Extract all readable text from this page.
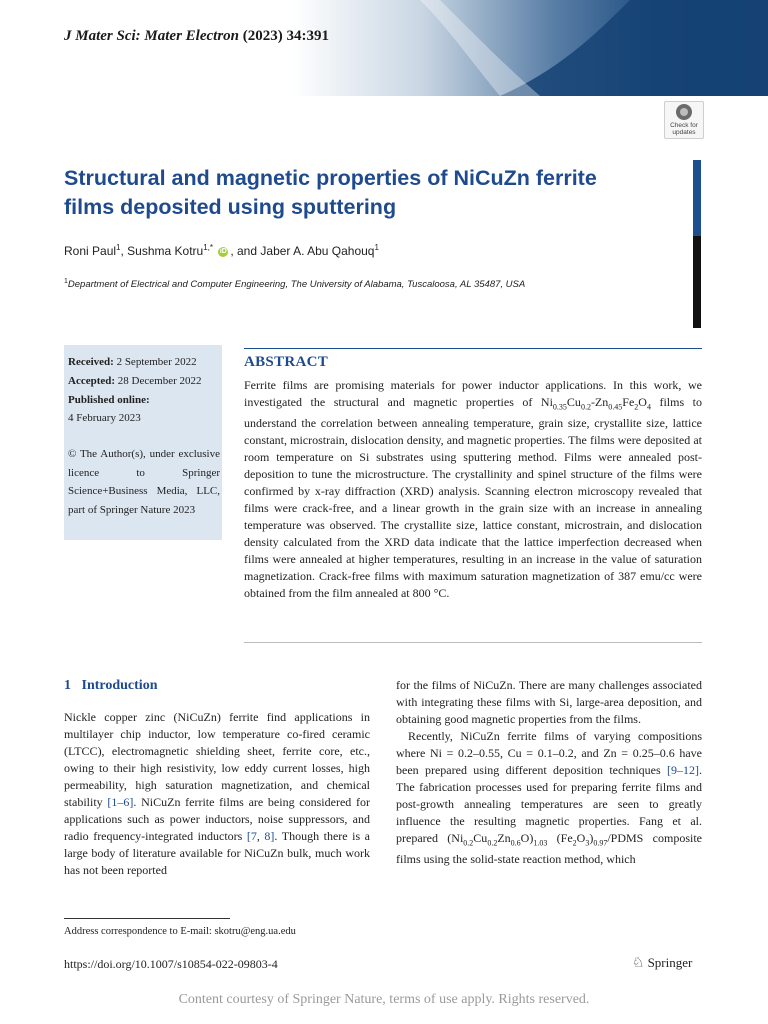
J Mater Sci: Mater Electron (2023) 34:391
Check for
updates
Structural and magnetic properties of NiCuZn ferrite
films deposited using sputtering
Roni Paul$^1$, Sushma Kotru$^{1,*}$ iD , and Jaber A. Abu Qahouq$^1$
$^1$Department of Electrical and Computer Engineering, The University of Alabama, Tuscaloosa, AL 35487, USA
Received: 2 September 2022
Accepted: 28 December 2022
Published online:
4 February 2023
© The Author(s), under exclusive licence to Springer Science+Business Media, LLC, part of Springer Nature 2023
ABSTRACT
Ferrite films are promising materials for power inductor applications. In this work, we investigated the structural and magnetic properties of $Ni_{0.35}Cu_{0.2}-Zn_{0.45}Fe_2O_4$ films to understand the correlation between annealing temperature, grain size, crystallite size, lattice constant, microstrain, dislocation density, and magnetic properties. The films were deposited at room temperature on Si substrates using sputtering method. Films were annealed post-deposition to tune the microstructure. The crystallinity and spinel structure of the films were confirmed by x-ray diffraction (XRD) analysis. Scanning electron microscopy revealed that films were crack-free, and a linear growth in the grain size with an increase in annealing temperature was observed. The crystallite size, lattice constant, microstrain, and dislocation density calculated from the XRD data indicate that the lattice imperfection decreased when films were annealed at higher temperatures, resulting in an increase in the value of saturation magnetization. Crack-free films with maximum saturation magnetization of 387 emu/cc were obtained from the film annealed at 800 °C.
1 Introduction
Nickle copper zinc (NiCuZn) ferrite find applications in multilayer chip inductor, low temperature co-fired ceramic (LTCC), electromagnetic shielding sheet, ferrite core, etc., owing to their high resistivity, low eddy current losses, high permeability, high saturation magnetization, and chemical stability [1–6]. NiCuZn ferrite films are being considered for applications such as power inductors, noise suppressors, and radio frequency-integrated inductors [7, 8]. Though there is a large body of literature available for NiCuZn bulk, much work has not been reported
for the films of NiCuZn. There are many challenges associated with integrating these films with Si, large-area deposition, and obtaining good magnetic properties from the films.
Recently, NiCuZn ferrite films of varying compositions where Ni = 0.2–0.55, Cu = 0.1–0.2, and Zn = 0.25–0.6 have been prepared using different deposition techniques [9–12]. The fabrication processes used for preparing ferrite films and post-growth annealing temperatures are seen to greatly influence the resulting magnetic properties. Fang et al. prepared $(Ni_{0.2}Cu_{0.2}Zn_{0.6}O)_{1.03}$ $(Fe_2O_3)_{0.97}$/PDMS composite films using the solid-state reaction method, which
Address correspondence to E-mail: skotru@eng.ua.edu
https://doi.org/10.1007/s10854-022-09803-4	♘ Springer
Content courtesy of Springer Nature, terms of use apply. Rights reserved.
